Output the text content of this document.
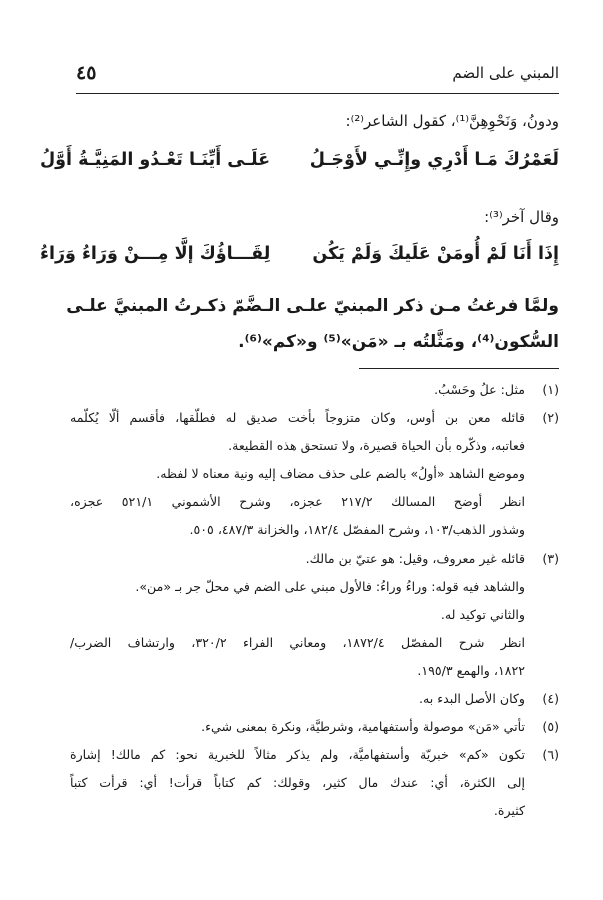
٤٥	المبني على الضم
ودونُ، وَنَحْوِهِنَّ⁽¹⁾، كقول الشاعر⁽²⁾:
لَعَمْرُكَ مَـا أَدْرِي وإِنِّـي لأَوْجَـلُ
عَلَـى أَيِّنَـا تَعْـدُو المَنِيَّـةُ أَوَّلُ
وقال آخر⁽³⁾:
إِذَا أَنَا لَمْ أُومَنْ عَلَيكَ وَلَمْ يَكُن
لِقَـــاؤُكَ إلَّا مِـــنْ وَرَاءُ وَرَاءُ
ولمَّا فرغتُ مـن ذكر المبنيّ علـى الـضَّمّ ذكـرتُ المبنيَّ علـى
السُّكون⁽⁴⁾، ومَثَّلتُه بـ «مَن»⁽⁵⁾ و«كم»⁽⁶⁾.
(١)
مثل: علُ وحَسْبُ.
(٢)
قائله معن بن أوس، وكان متزوجاً بأخت صديق له فطلّقها، فأقسم ألّا يُكلّمه
فعاتبه، وذكّره بأن الحياة قصيرة، ولا تستحق هذه القطيعة.
وموضع الشاهد «أولُ» بالضم على حذف مضاف إليه ونية معناه لا لفظه.
انظر أوضح المسالك ٢١٧/٢ عجزه، وشرح الأشموني ٥٢١/١ عجزه،
وشذور الذهب/١٠٣، وشرح المفصّل ١٨٢/٤، والخزانة ٤٨٧/٣، ٥٠٥.
(٣)
قائله غير معروف، وقيل: هو عتيّ بن مالك.
والشاهد فيه قوله: وراءُ وراءُ: فالأول مبني على الضم في محلّ جر بـ «من».
والثاني توكيد له.
انظر شرح المفصّل ١٨٧٢/٤، ومعاني الفراء ٣٢٠/٢، وارتشاف الضرب/
١٨٢٢، والهمع ١٩٥/٣.
(٤)
وكان الأصل البدء به.
(٥)
تأتي «مَن» موصولة وأستفهامية، وشرطيَّة، ونكرة بمعنى شيء.
(٦)
تكون «كم» خبريّة وأستفهاميَّة، ولم يذكر مثالاً للخبرية نحو: كم مالك! إشارة
إلى الكثرة، أي: عندك مال كثير، وقولك: كم كتاباً قرأت! أي: قرأت كتباً
كثيرة.
